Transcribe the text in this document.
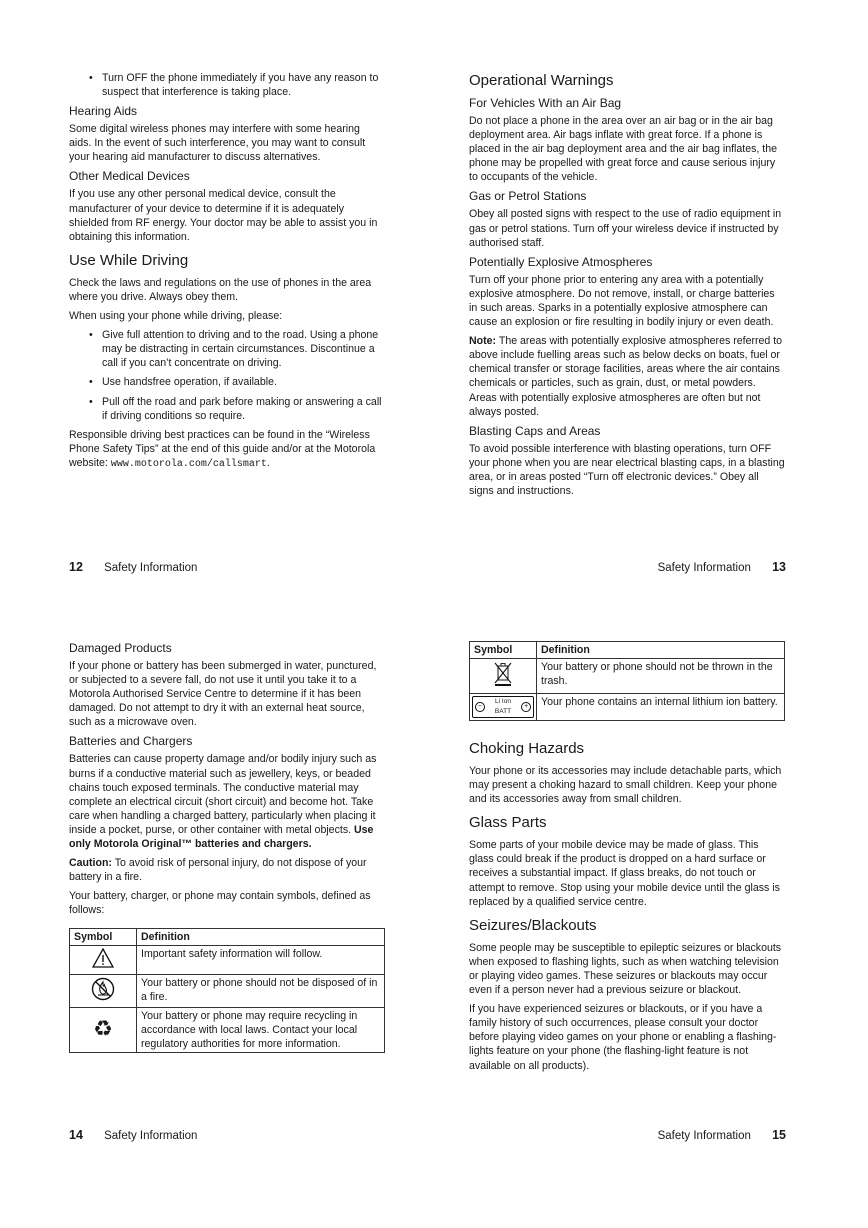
• Turn OFF the phone immediately if you have any reason to suspect that interference is taking place.
Hearing Aids

Some digital wireless phones may interfere with some hearing aids. In the event of such interference, you may want to consult your hearing aid manufacturer to discuss alternatives.

Other Medical Devices

If you use any other personal medical device, consult the manufacturer of your device to determine if it is adequately shielded from RF energy. Your doctor may be able to assist you in obtaining this information.

Use While Driving

Check the laws and regulations on the use of phones in the area where you drive. Always obey them.

When using your phone while driving, please:

• Give full attention to driving and to the road. Using a phone may be distracting in certain circumstances. Discontinue a call if you can’t concentrate on driving.
• Use handsfree operation, if available.
• Pull off the road and park before making or answering a call if driving conditions so require.

Responsible driving best practices can be found in the “Wireless Phone Safety Tips” at the end of this guide and/or at the Motorola website: www.motorola.com/callsmart.

12 Safety Information
Operational Warnings
For Vehicles With an Air Bag

Do not place a phone in the area over an air bag or in the air bag deployment area. Air bags inflate with great force. If a phone is placed in the air bag deployment area and the air bag inflates, the phone may be propelled with great force and cause serious injury to occupants of the vehicle.

Gas or Petrol Stations

Obey all posted signs with respect to the use of radio equipment in gas or petrol stations. Turn off your wireless device if instructed by authorised staff.

Potentially Explosive Atmospheres

Turn off your phone prior to entering any area with a potentially explosive atmosphere. Do not remove, install, or charge batteries in such areas. Sparks in a potentially explosive atmosphere can cause an explosion or fire resulting in bodily injury or even death.

Note: The areas with potentially explosive atmospheres referred to above include fuelling areas such as below decks on boats, fuel or chemical transfer or storage facilities, areas where the air contains chemicals or particles, such as grain, dust, or metal powders. Areas with potentially explosive atmospheres are often but not always posted.

Blasting Caps and Areas

To avoid possible interference with blasting operations, turn OFF your phone when you are near electrical blasting caps, in a blasting area, or in areas posted “Turn off electronic devices.” Obey all signs and instructions.

Safety Information 13
Damaged Products

If your phone or battery has been submerged in water, punctured, or subjected to a severe fall, do not use it until you take it to a Motorola Authorised Service Centre to determine if it has been damaged. Do not attempt to dry it with an external heat source, such as a microwave oven.

Batteries and Chargers

Batteries can cause property damage and/or bodily injury such as burns if a conductive material such as jewellery, keys, or beaded chains touch exposed terminals. The conductive material may complete an electrical circuit (short circuit) and become hot. Take care when handling a charged battery, particularly when placing it inside a pocket, purse, or other container with metal objects. Use only Motorola Original™ batteries and chargers.

Caution: To avoid risk of personal injury, do not dispose of your battery in a fire.

Your battery, charger, or phone may contain symbols, defined as follows:

Symbol	Definition
	Important safety information will follow.
	Your battery or phone should not be disposed of in a fire.
♻	Your battery or phone may require recycling in accordance with local laws. Contact your local regulatory authorities for more information.
14 Safety Information
Symbol	Definition
	Your battery or phone should not be thrown in the trash.

−
Li Ion BATT
+	Your phone contains an internal lithium ion battery.
Choking Hazards

Your phone or its accessories may include detachable parts, which may present a choking hazard to small children. Keep your phone and its accessories away from small children.

Glass Parts

Some parts of your mobile device may be made of glass. This glass could break if the product is dropped on a hard surface or receives a substantial impact. If glass breaks, do not touch or attempt to remove. Stop using your mobile device until the glass is replaced by a qualified service centre.

Seizures/Blackouts

Some people may be susceptible to epileptic seizures or blackouts when exposed to flashing lights, such as when watching television or playing video games. These seizures or blackouts may occur even if a person never had a previous seizure or blackout.

If you have experienced seizures or blackouts, or if you have a family history of such occurrences, please consult your doctor before playing video games on your phone or enabling a flashing-lights feature on your phone (the flashing-light feature is not available on all products).

Safety Information 15
